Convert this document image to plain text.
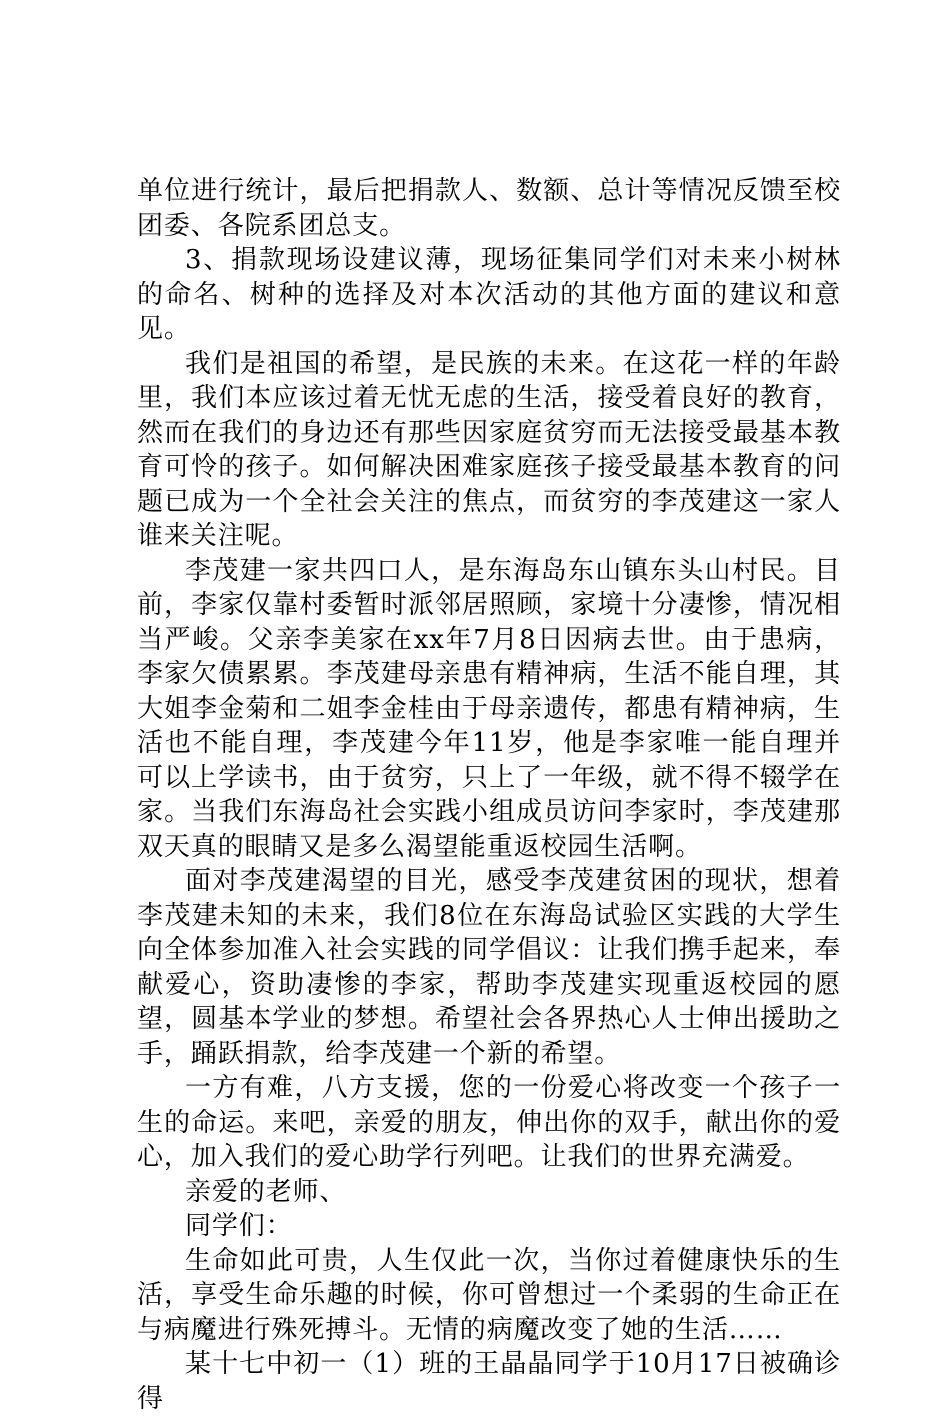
单位进行统计，最后把捐款人、数额、总计等情况反馈至校团委、各院系团总支。

3、捐款现场设建议薄，现场征集同学们对未来小树林的命名、树种的选择及对本次活动的其他方面的建议和意见。

我们是祖国的希望，是民族的未来。在这花一样的年龄里，我们本应该过着无忧无虑的生活，接受着良好的教育，然而在我们的身边还有那些因家庭贫穷而无法接受最基本教育可怜的孩子。如何解决困难家庭孩子接受最基本教育的问题已成为一个全社会关注的焦点，而贫穷的李茂建这一家人谁来关注呢。

李茂建一家共四口人，是东海岛东山镇东头山村民。目前，李家仅靠村委暂时派邻居照顾，家境十分凄惨，情况相当严峻。父亲李美家在xx年7月8日因病去世。由于患病，李家欠债累累。李茂建母亲患有精神病，生活不能自理，其大姐李金菊和二姐李金桂由于母亲遗传，都患有精神病，生活也不能自理，李茂建今年11岁，他是李家唯一能自理并可以上学读书，由于贫穷，只上了一年级，就不得不辍学在家。当我们东海岛社会实践小组成员访问李家时，李茂建那双天真的眼睛又是多么渴望能重返校园生活啊。

面对李茂建渴望的目光，感受李茂建贫困的现状，想着李茂建未知的未来，我们8位在东海岛试验区实践的大学生向全体参加准入社会实践的同学倡议：让我们携手起来，奉献爱心，资助凄惨的李家，帮助李茂建实现重返校园的愿望，圆基本学业的梦想。希望社会各界热心人士伸出援助之手，踊跃捐款，给李茂建一个新的希望。

一方有难，八方支援，您的一份爱心将改变一个孩子一生的命运。来吧，亲爱的朋友，伸出你的双手，献出你的爱心，加入我们的爱心助学行列吧。让我们的世界充满爱。

亲爱的老师、

同学们：

生命如此可贵，人生仅此一次，当你过着健康快乐的生活，享受生命乐趣的时候，你可曾想过一个柔弱的生命正在与病魔进行殊死搏斗。无情的病魔改变了她的生活……

某十七中初一（1）班的王晶晶同学于10月17日被确诊得
